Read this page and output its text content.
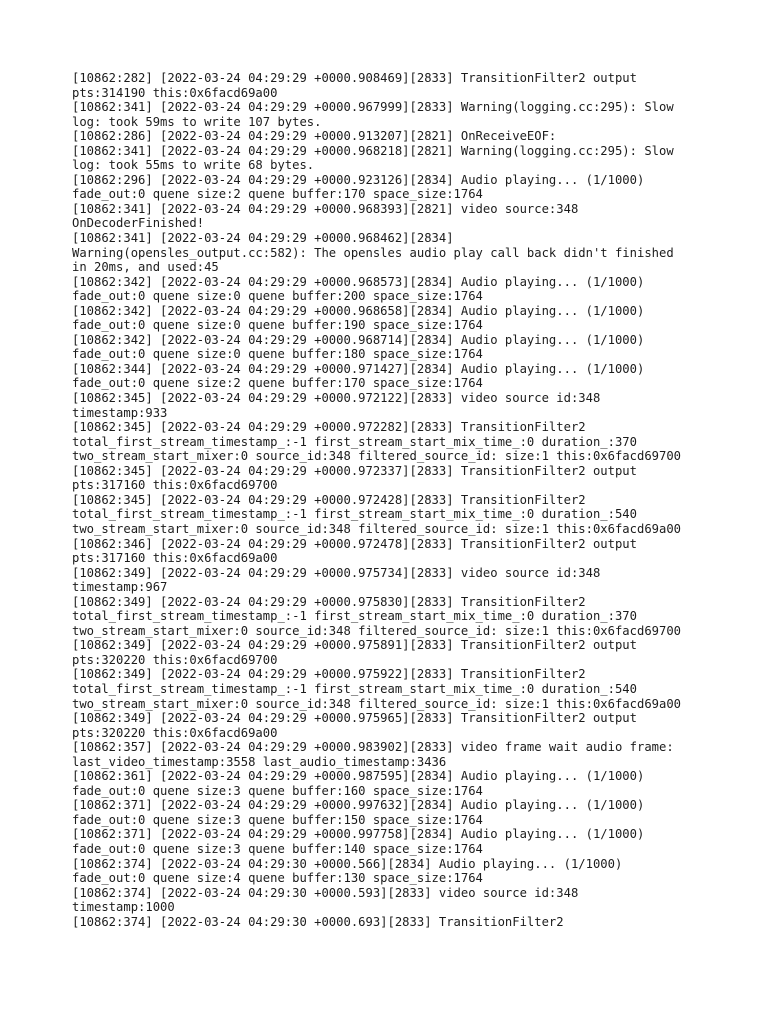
[10862:282] [2022-03-24 04:29:29 +0000.908469][2833] TransitionFilter2 output
pts:314190 this:0x6facd69a00
[10862:341] [2022-03-24 04:29:29 +0000.967999][2833] Warning(logging.cc:295): Slow
log: took 59ms to write 107 bytes.
[10862:286] [2022-03-24 04:29:29 +0000.913207][2821] OnReceiveEOF:
[10862:341] [2022-03-24 04:29:29 +0000.968218][2821] Warning(logging.cc:295): Slow
log: took 55ms to write 68 bytes.
[10862:296] [2022-03-24 04:29:29 +0000.923126][2834] Audio playing... (1/1000)
fade_out:0 quene size:2 quene buffer:170 space_size:1764
[10862:341] [2022-03-24 04:29:29 +0000.968393][2821] video source:348
OnDecoderFinished!
[10862:341] [2022-03-24 04:29:29 +0000.968462][2834]
Warning(opensles_output.cc:582): The opensles audio play call back didn't finished
in 20ms, and used:45
[10862:342] [2022-03-24 04:29:29 +0000.968573][2834] Audio playing... (1/1000)
fade_out:0 quene size:0 quene buffer:200 space_size:1764
[10862:342] [2022-03-24 04:29:29 +0000.968658][2834] Audio playing... (1/1000)
fade_out:0 quene size:0 quene buffer:190 space_size:1764
[10862:342] [2022-03-24 04:29:29 +0000.968714][2834] Audio playing... (1/1000)
fade_out:0 quene size:0 quene buffer:180 space_size:1764
[10862:344] [2022-03-24 04:29:29 +0000.971427][2834] Audio playing... (1/1000)
fade_out:0 quene size:2 quene buffer:170 space_size:1764
[10862:345] [2022-03-24 04:29:29 +0000.972122][2833] video source id:348
timestamp:933
[10862:345] [2022-03-24 04:29:29 +0000.972282][2833] TransitionFilter2
total_first_stream_timestamp_:-1 first_stream_start_mix_time_:0 duration_:370
two_stream_start_mixer:0 source_id:348 filtered_source_id: size:1 this:0x6facd69700
[10862:345] [2022-03-24 04:29:29 +0000.972337][2833] TransitionFilter2 output
pts:317160 this:0x6facd69700
[10862:345] [2022-03-24 04:29:29 +0000.972428][2833] TransitionFilter2
total_first_stream_timestamp_:-1 first_stream_start_mix_time_:0 duration_:540
two_stream_start_mixer:0 source_id:348 filtered_source_id: size:1 this:0x6facd69a00
[10862:346] [2022-03-24 04:29:29 +0000.972478][2833] TransitionFilter2 output
pts:317160 this:0x6facd69a00
[10862:349] [2022-03-24 04:29:29 +0000.975734][2833] video source id:348
timestamp:967
[10862:349] [2022-03-24 04:29:29 +0000.975830][2833] TransitionFilter2
total_first_stream_timestamp_:-1 first_stream_start_mix_time_:0 duration_:370
two_stream_start_mixer:0 source_id:348 filtered_source_id: size:1 this:0x6facd69700
[10862:349] [2022-03-24 04:29:29 +0000.975891][2833] TransitionFilter2 output
pts:320220 this:0x6facd69700
[10862:349] [2022-03-24 04:29:29 +0000.975922][2833] TransitionFilter2
total_first_stream_timestamp_:-1 first_stream_start_mix_time_:0 duration_:540
two_stream_start_mixer:0 source_id:348 filtered_source_id: size:1 this:0x6facd69a00
[10862:349] [2022-03-24 04:29:29 +0000.975965][2833] TransitionFilter2 output
pts:320220 this:0x6facd69a00
[10862:357] [2022-03-24 04:29:29 +0000.983902][2833] video frame wait audio frame:
last_video_timestamp:3558 last_audio_timestamp:3436
[10862:361] [2022-03-24 04:29:29 +0000.987595][2834] Audio playing... (1/1000)
fade_out:0 quene size:3 quene buffer:160 space_size:1764
[10862:371] [2022-03-24 04:29:29 +0000.997632][2834] Audio playing... (1/1000)
fade_out:0 quene size:3 quene buffer:150 space_size:1764
[10862:371] [2022-03-24 04:29:29 +0000.997758][2834] Audio playing... (1/1000)
fade_out:0 quene size:3 quene buffer:140 space_size:1764
[10862:374] [2022-03-24 04:29:30 +0000.566][2834] Audio playing... (1/1000)
fade_out:0 quene size:4 quene buffer:130 space_size:1764
[10862:374] [2022-03-24 04:29:30 +0000.593][2833] video source id:348
timestamp:1000
[10862:374] [2022-03-24 04:29:30 +0000.693][2833] TransitionFilter2
